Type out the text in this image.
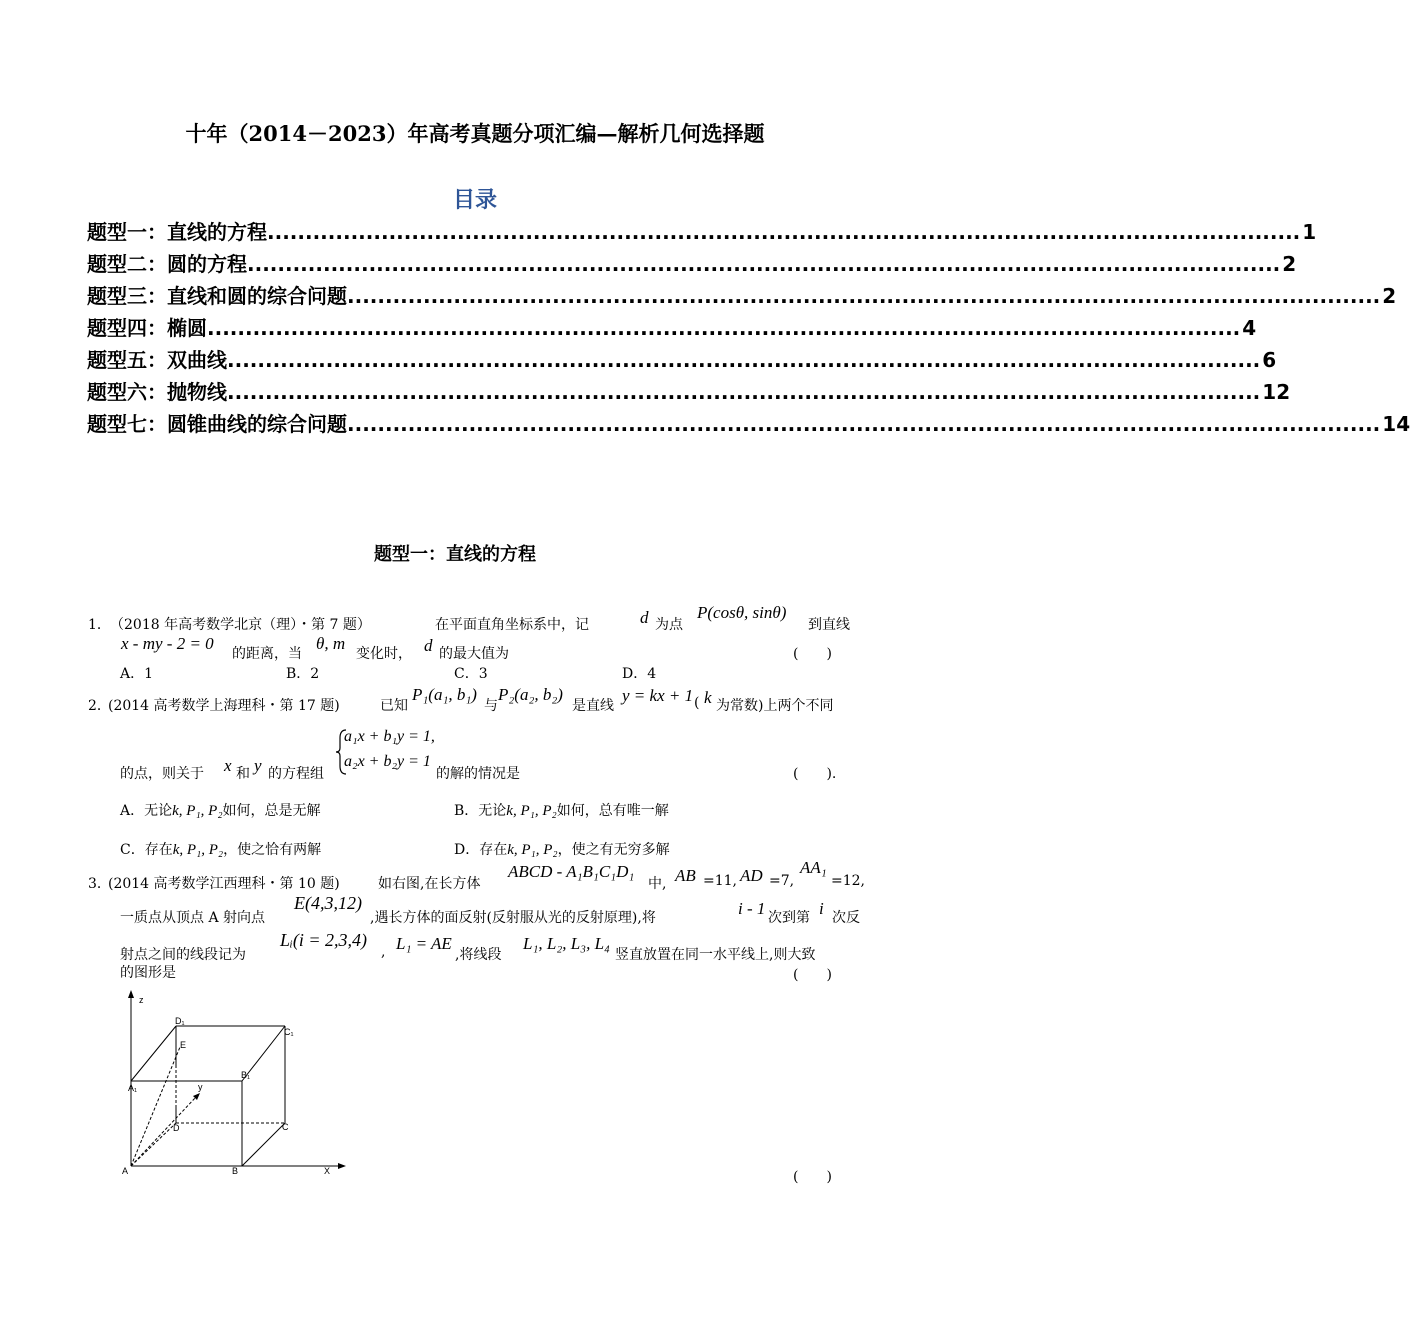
十年（2014－2023）年高考真题分项汇编—解析几何选择题
目录
题型一：直线的方程 ........................................................................................................................................ 1
题型二：圆的方程 ........................................................................................................................................ 2
题型三：直线和圆的综合问题 ........................................................................................................................................ 2
题型四：椭圆 ........................................................................................................................................ 4
题型五：双曲线 ........................................................................................................................................ 6
题型六：抛物线 ........................................................................................................................................ 12
题型七：圆锥曲线的综合问题 ........................................................................................................................................ 14
题型一：直线的方程
1． （2018 年高考数学北京（理）・第 7 题）	在平面直角坐标系中，记	d 为点
P(cosθ, sinθ)
到直线
x - my - 2 = 0
的距离，当
θ, m
变化时， d 的最大值为	(　　)
A．1	B．2	C．3	D．4
2．
(2014 高考数学上海理科・第 17 题)	已知
P₁(a₁, b₁)
与
P₂(a₂, b₂)
是直线
y = kx + 1 ( k 为常数)上两个不同
的点，则关于 x 和 y 的方程组
a₁x + b₁y = 1,
a₂x + b₂y = 1
的解的情况是	(　　).
A．无论k, P₁, P₂如何，总是无解	B．无论k, P₁, P₂如何，总有唯一解
C．存在k, P₁, P₂，使之恰有两解	D．存在k, P₁, P₂，使之有无穷多解
3．
(2014 高考数学江西理科・第 10 题)	如右图,在长方体
ABCD - A₁B₁C₁D₁
中, AB =11, AD =7,
AA₁
=12,
一质点从顶点 A 射向点
E(4,3,12)
,遇长方体的面反射(反射服从光的反射原理),将	i - 1 次到第 i 次反
射点之间的线段记为
Lᵢ(i = 2,3,4)
, L₁ = AE
,将线段
L₁, L₂, L₃, L₄
竖直放置在同一水平线上,则大致
的图形是	(　　)
z
X
y
A	B
C
D
A₁
B₁
C₁
D₁
E
(　　)
